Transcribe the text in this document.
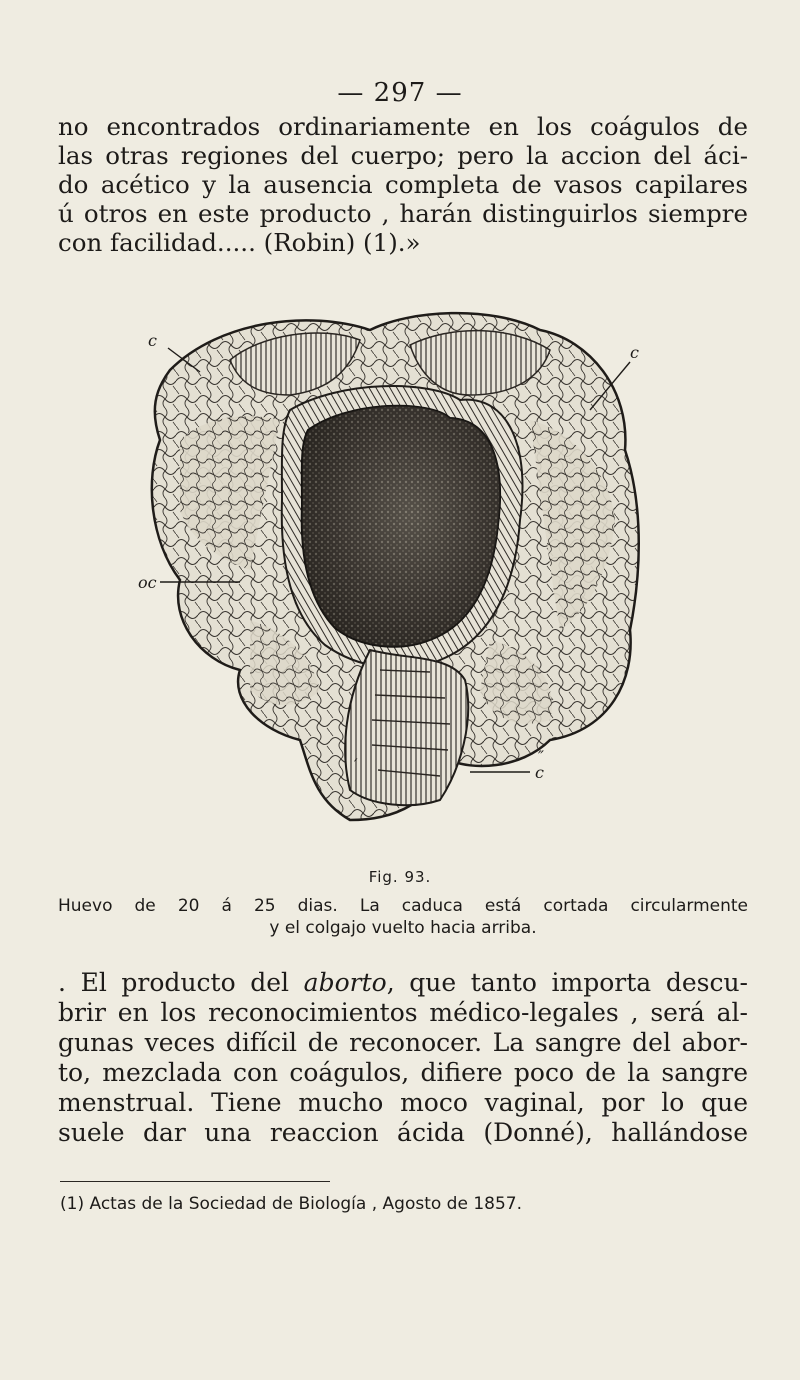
— 297 —
no encontrados ordinariamente en los coágulos de
las otras regiones del cuerpo; pero la accion del áci-
do acético y la ausencia completa de vasos capilares
ú otros en este producto , harán distinguirlos siempre
con facilidad..... (Robin) (1).»
c
c
oc
c
″
′
Fig. 93.
Huevo de 20 á 25 dias. La caduca está cortada circularmente
y el colgajo vuelto hacia arriba.
. El producto del aborto, que tanto importa descu-
brir en los reconocimientos médico-legales , será al-
gunas veces difícil de reconocer. La sangre del abor-
to, mezclada con coágulos, difiere poco de la sangre
menstrual. Tiene mucho moco vaginal, por lo que
suele dar una reaccion ácida (Donné), hallándose
(1) Actas de la Sociedad de Biología , Agosto de 1857.
